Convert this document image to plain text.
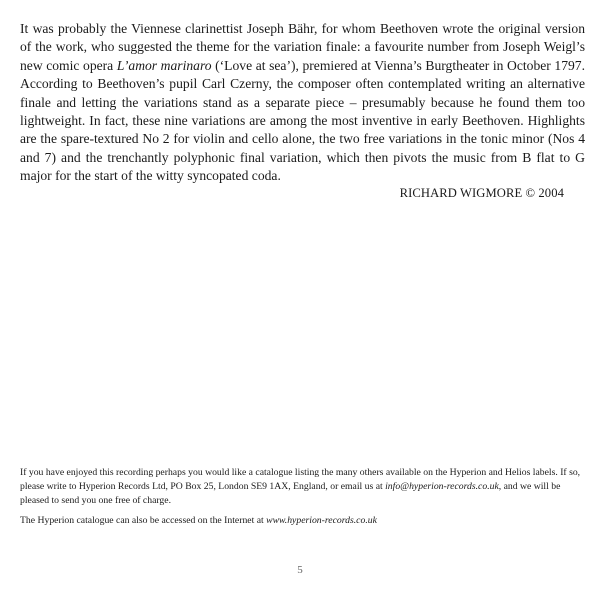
It was probably the Viennese clarinettist Joseph Bähr, for whom Beethoven wrote the original version of the work, who suggested the theme for the variation finale: a favourite number from Joseph Weigl’s new comic opera L’amor marinaro (‘Love at sea’), premiered at Vienna’s Burgtheater in October 1797. According to Beethoven’s pupil Carl Czerny, the composer often contemplated writing an alternative finale and letting the variations stand as a separate piece – presumably because he found them too lightweight. In fact, these nine variations are among the most inventive in early Beethoven. Highlights are the spare-textured No 2 for violin and cello alone, the two free variations in the tonic minor (Nos 4 and 7) and the trenchantly polyphonic final variation, which then pivots the music from B flat to G major for the start of the witty syncopated coda.

RICHARD WIGMORE © 2004

If you have enjoyed this recording perhaps you would like a catalogue listing the many others available on the Hyperion and Helios labels. If so, please write to Hyperion Records Ltd, PO Box 25, London SE9 1AX, England, or email us at info@hyperion-records.co.uk, and we will be pleased to send you one free of charge.

The Hyperion catalogue can also be accessed on the Internet at www.hyperion-records.co.uk

5
